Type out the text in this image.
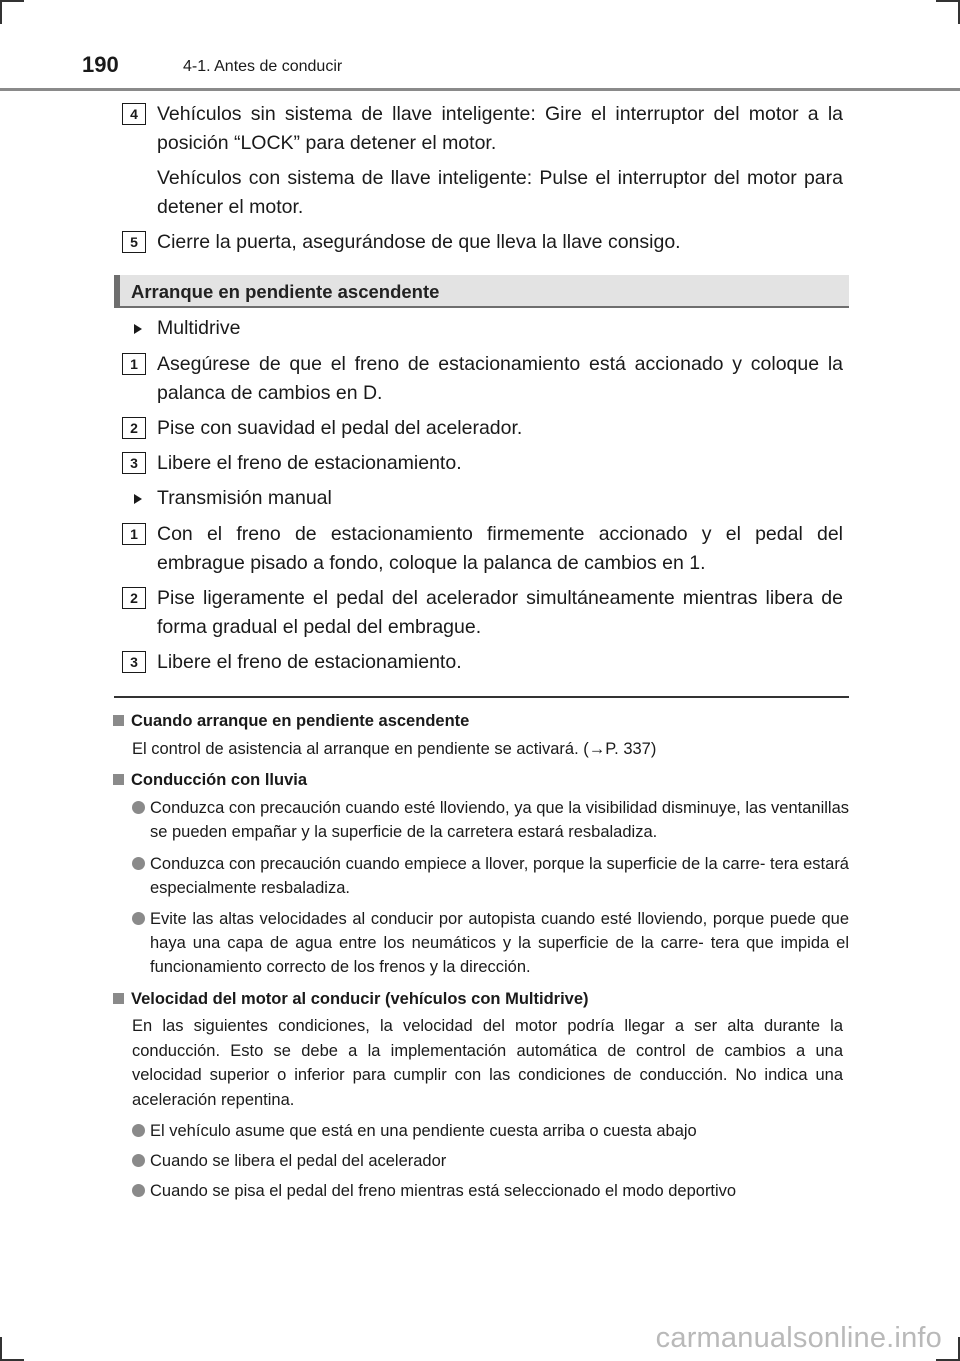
190	4-1. Antes de conducir
4 Vehículos sin sistema de llave inteligente: Gire el interruptor del motor a la posición “LOCK” para detener el motor.
Vehículos con sistema de llave inteligente: Pulse el interruptor del motor para detener el motor.
5 Cierre la puerta, asegurándose de que lleva la llave consigo.
Arranque en pendiente ascendente
Multidrive
1 Asegúrese de que el freno de estacionamiento está accionado y coloque la palanca de cambios en D.
2 Pise con suavidad el pedal del acelerador.
3 Libere el freno de estacionamiento.
Transmisión manual
1 Con el freno de estacionamiento firmemente accionado y el pedal del embrague pisado a fondo, coloque la palanca de cambios en 1.
2 Pise ligeramente el pedal del acelerador simultáneamente mientras libera de forma gradual el pedal del embrague.
3 Libere el freno de estacionamiento.
Cuando arranque en pendiente ascendente
El control de asistencia al arranque en pendiente se activará. (→P. 337)
Conducción con lluvia
Conduzca con precaución cuando esté lloviendo, ya que la visibilidad disminuye, las ventanillas se pueden empañar y la superficie de la carretera estará resbaladiza.
Conduzca con precaución cuando empiece a llover, porque la superficie de la carre- tera estará especialmente resbaladiza.
Evite las altas velocidades al conducir por autopista cuando esté lloviendo, porque puede que haya una capa de agua entre los neumáticos y la superficie de la carre- tera que impida el funcionamiento correcto de los frenos y la dirección.
Velocidad del motor al conducir (vehículos con Multidrive)
En las siguientes condiciones, la velocidad del motor podría llegar a ser alta durante la conducción. Esto se debe a la implementación automática de control de cambios a una velocidad superior o inferior para cumplir con las condiciones de conducción. No indica una aceleración repentina.
El vehículo asume que está en una pendiente cuesta arriba o cuesta abajo
Cuando se libera el pedal del acelerador
Cuando se pisa el pedal del freno mientras está seleccionado el modo deportivo
carmanualsonline.info
